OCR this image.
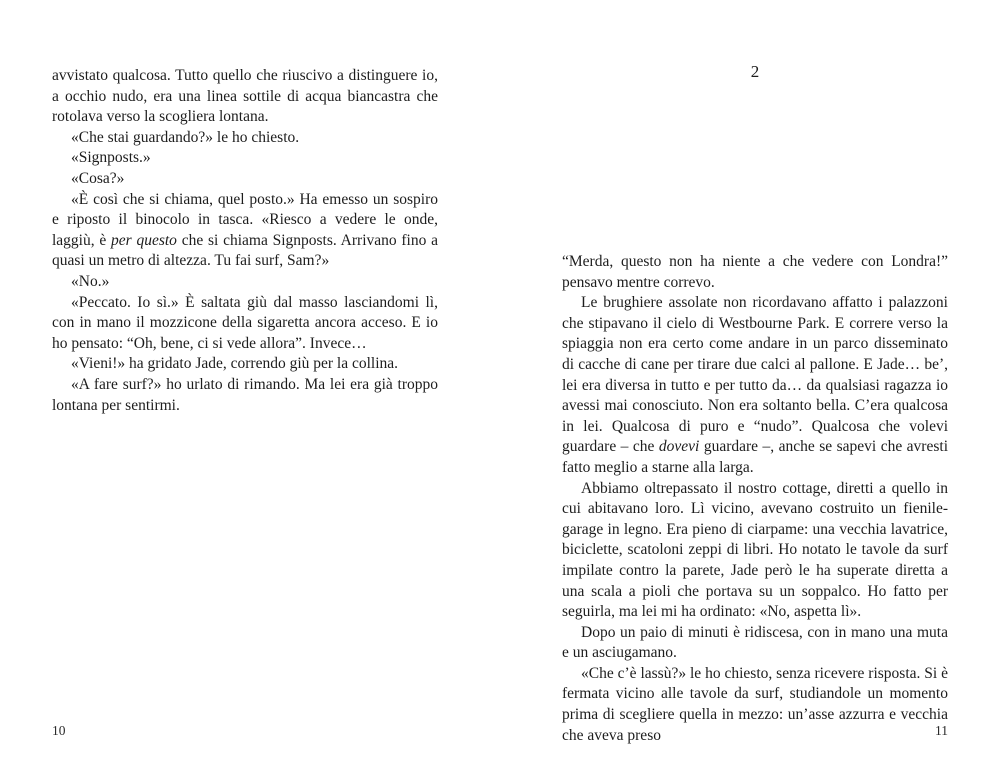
avvistato qualcosa. Tutto quello che riuscivo a distinguere io, a occhio nudo, era una linea sottile di acqua biancastra che rotolava verso la scogliera lontana.

«Che stai guardando?» le ho chiesto.

«Signposts.»

«Cosa?»

«È così che si chiama, quel posto.» Ha emesso un sospiro e riposto il binocolo in tasca. «Riesco a vedere le onde, laggiù, è per questo che si chiama Signposts. Arrivano fino a quasi un metro di altezza. Tu fai surf, Sam?»

«No.»

«Peccato. Io sì.» È saltata giù dal masso lasciandomi lì, con in mano il mozzicone della sigaretta ancora acceso. E io ho pensato: “Oh, bene, ci si vede allora”. Invece…

«Vieni!» ha gridato Jade, correndo giù per la collina.

«A fare surf?» ho urlato di rimando. Ma lei era già troppo lontana per sentirmi.

2

“Merda, questo non ha niente a che vedere con Londra!” pensavo mentre correvo.

Le brughiere assolate non ricordavano affatto i palazzoni che stipavano il cielo di Westbourne Park. E correre verso la spiaggia non era certo come andare in un parco disseminato di cacche di cane per tirare due calci al pallone. E Jade… be’, lei era diversa in tutto e per tutto da… da qualsiasi ragazza io avessi mai conosciuto. Non era soltanto bella. C’era qualcosa in lei. Qualcosa di puro e “nudo”. Qualcosa che volevi guardare – che dovevi guardare –, anche se sapevi che avresti fatto meglio a starne alla larga.

Abbiamo oltrepassato il nostro cottage, diretti a quello in cui abitavano loro. Lì vicino, avevano costruito un fienile-garage in legno. Era pieno di ciarpame: una vecchia lavatrice, biciclette, scatoloni zeppi di libri. Ho notato le tavole da surf impilate contro la parete, Jade però le ha superate diretta a una scala a pioli che portava su un soppalco. Ho fatto per seguirla, ma lei mi ha ordinato: «No, aspetta lì».

Dopo un paio di minuti è ridiscesa, con in mano una muta e un asciugamano.

«Che c’è lassù?» le ho chiesto, senza ricevere risposta. Si è fermata vicino alle tavole da surf, studiandole un momento prima di scegliere quella in mezzo: un’asse azzurra e vecchia che aveva preso

10	11
